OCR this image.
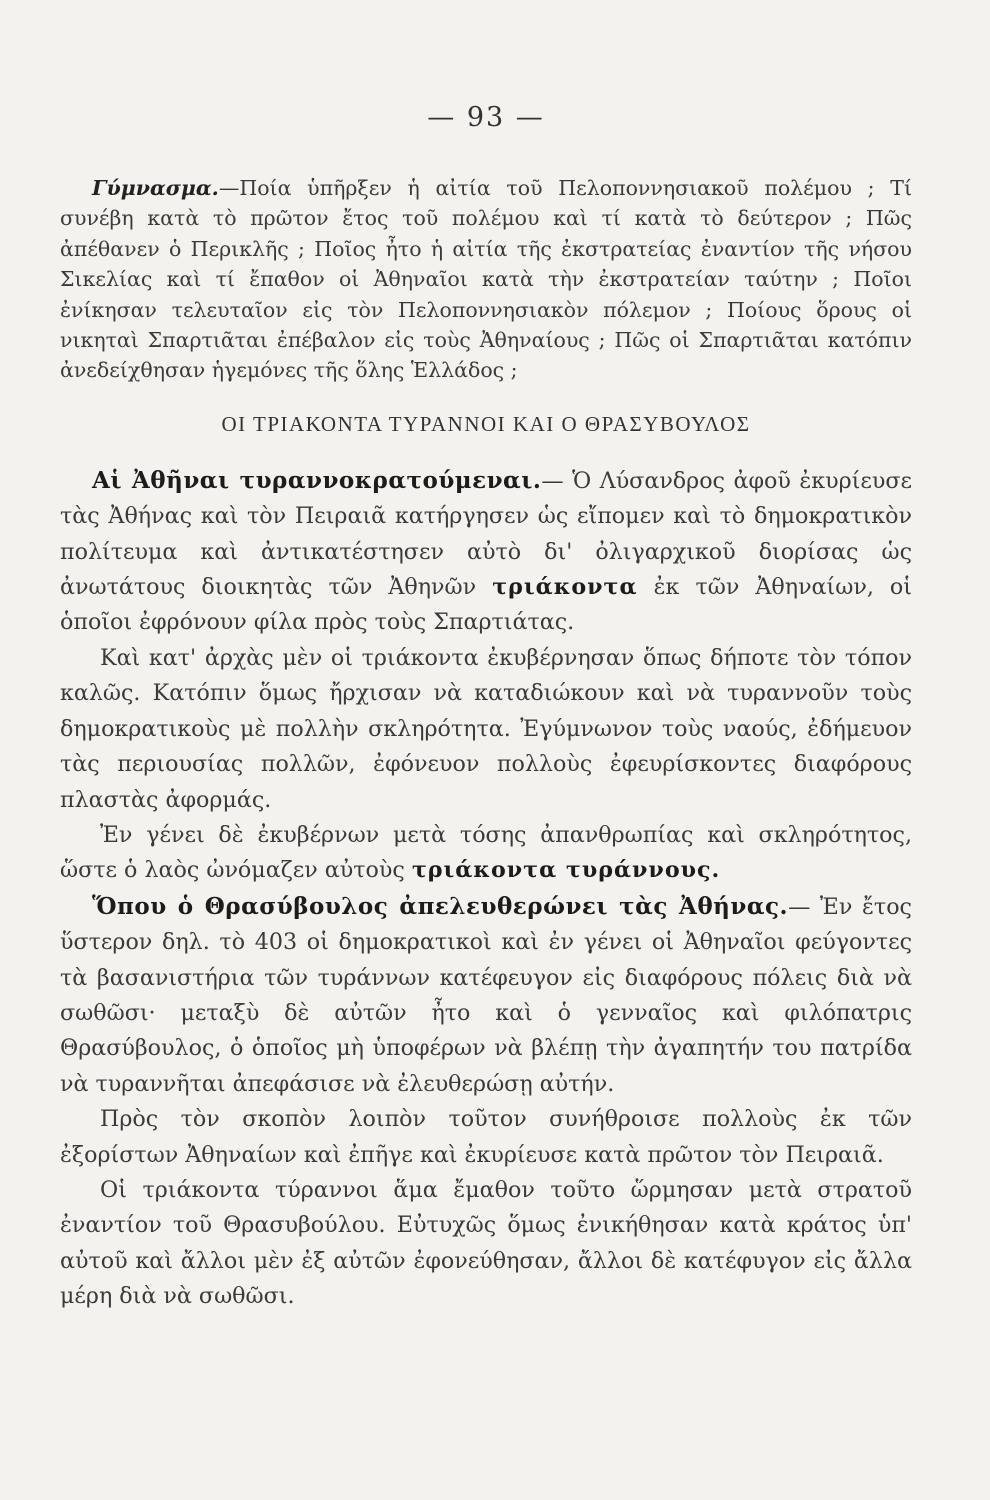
— 93 —

Γύμνασμα.—Ποία ὑπῆρξεν ἡ αἰτία τοῦ Πελοποννησιακοῦ πολέμου ; Τί συνέβη κατὰ τὸ πρῶτον ἔτος τοῦ πολέμου καὶ τί κατὰ τὸ δεύτερον ; Πῶς ἀπέθανεν ὁ Περικλῆς ; Ποῖος ἦτο ἡ αἰτία τῆς ἐκστρατείας ἐναντίον τῆς νήσου Σικελίας καὶ τί ἔπαθον οἱ Ἀθηναῖοι κατὰ τὴν ἐκστρατείαν ταύτην ; Ποῖοι ἐνίκησαν τελευταῖον εἰς τὸν Πελοποννησιακὸν πόλεμον ; Ποίους ὅρους οἱ νικηταὶ Σπαρτιᾶται ἐπέβαλον εἰς τοὺς Ἀθηναίους ; Πῶς οἱ Σπαρτιᾶται κατόπιν ἀνεδείχθησαν ἡγεμόνες τῆς ὅλης Ἑλλάδος ;

ΟΙ ΤΡΙΑΚΟΝΤΑ ΤΥΡΑΝΝΟΙ ΚΑΙ Ο ΘΡΑΣΥΒΟΥΛΟΣ

Αἱ Ἀθῆναι τυραννοκρατούμεναι.— Ὁ Λύσανδρος ἀφοῦ ἐκυρίευσε τὰς Ἀθήνας καὶ τὸν Πειραιᾶ κατήργησεν ὡς εἴπομεν καὶ τὸ δημοκρατικὸν πολίτευμα καὶ ἀντικατέστησεν αὐτὸ δι' ὀλιγαρχικοῦ διορίσας ὡς ἀνωτάτους διοικητὰς τῶν Ἀθηνῶν τριάκοντα ἐκ τῶν Ἀθηναίων, οἱ ὁποῖοι ἐφρόνουν φίλα πρὸς τοὺς Σπαρτιάτας.

Καὶ κατ' ἀρχὰς μὲν οἱ τριάκοντα ἐκυβέρνησαν ὅπως δήποτε τὸν τόπον καλῶς. Κατόπιν ὅμως ἤρχισαν νὰ καταδιώκουν καὶ νὰ τυραννοῦν τοὺς δημοκρατικοὺς μὲ πολλὴν σκληρότητα. Ἐγύμνωνον τοὺς ναούς, ἐδήμευον τὰς περιουσίας πολλῶν, ἐφόνευον πολλοὺς ἐφευρίσκοντες διαφόρους πλαστὰς ἀφορμάς.

Ἐν γένει δὲ ἐκυβέρνων μετὰ τόσης ἀπανθρωπίας καὶ σκληρότητος, ὥστε ὁ λαὸς ὠνόμαζεν αὐτοὺς τριάκοντα τυράννους.

Ὅπου ὁ Θρασύβουλος ἀπελευθερώνει τὰς Ἀθήνας.— Ἐν ἔτος ὕστερον δηλ. τὸ 403 οἱ δημοκρατικοὶ καὶ ἐν γένει οἱ Ἀθηναῖοι φεύγοντες τὰ βασανιστήρια τῶν τυράννων κατέφευγον εἰς διαφόρους πόλεις διὰ νὰ σωθῶσι· μεταξὺ δὲ αὐτῶν ἦτο καὶ ὁ γενναῖος καὶ φιλόπατρις Θρασύβουλος, ὁ ὁποῖος μὴ ὑποφέρων νὰ βλέπῃ τὴν ἀγαπητήν του πατρίδα νὰ τυραννῆται ἀπεφάσισε νὰ ἐλευθερώσῃ αὐτήν.

Πρὸς τὸν σκοπὸν λοιπὸν τοῦτον συνήθροισε πολλοὺς ἐκ τῶν ἐξορίστων Ἀθηναίων καὶ ἐπῆγε καὶ ἐκυρίευσε κατὰ πρῶτον τὸν Πειραιᾶ.

Οἱ τριάκοντα τύραννοι ἅμα ἔμαθον τοῦτο ὥρμησαν μετὰ στρατοῦ ἐναντίον τοῦ Θρασυβούλου. Εὐτυχῶς ὅμως ἐνικήθησαν κατὰ κράτος ὑπ' αὐτοῦ καὶ ἄλλοι μὲν ἐξ αὐτῶν ἐφονεύθησαν, ἄλλοι δὲ κατέφυγον εἰς ἄλλα μέρη διὰ νὰ σωθῶσι.
